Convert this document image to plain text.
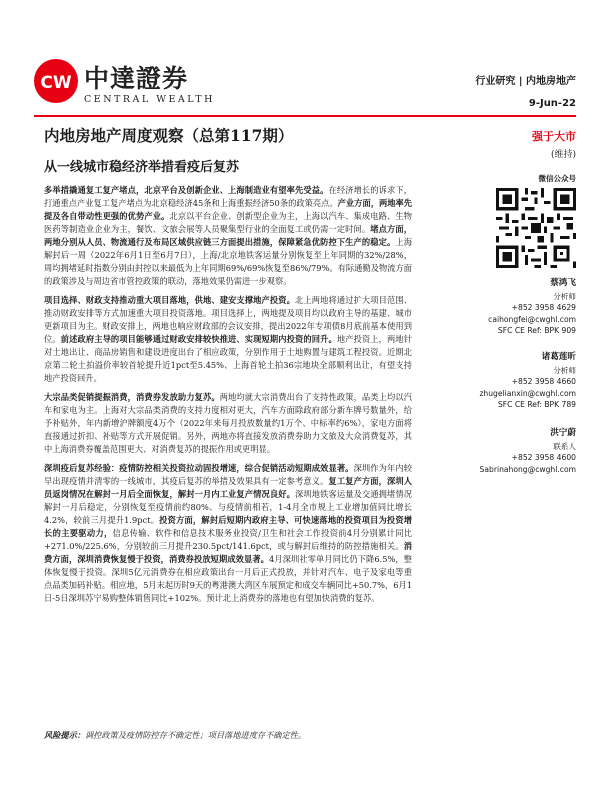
CW 中達證券
CENTRAL WEALTH
行业研究 | 内地房地产
9-Jun-22
内地房地产周度观察（总第117期）
从一线城市稳经济举措看疫后复苏
强于大市
(维持)
微信公众号
蔡鸿飞
分析师
+852 3958 4629
caihongfei@cwghl.com
SFC CE Ref: BPK 909
诸葛莲昕
分析师
+852 3958 4660
zhugelianxin@cwghl.com
SFC CE Ref: BPK 789
洪宁蔚
联系人
+852 3958 4600
Sabrinahong@cwghl.com

多举措撬通复工复产堵点，北京平台及创新企业、上海制造业有望率先受益。在经济增长的诉求下，打通重点产业复工复产堵点为北京稳经济45条和上海重振经济50条的政策亮点。产业方面，两地率先提及各自带动性更强的优势产业。北京以平台企业、创新型企业为主，上海以汽车、集成电路、生物医药等制造业企业为主，餐饮、文旅会展等人员聚集型行业的全面复工或仍需一定时间。堵点方面，两地分别从人员、物流通行及布局区域供应链三方面提出措施，保障紧急优防控下生产的稳定。上海解封后一周（2022年6月1日至6月7日），上海/北京地铁客运量分别恢复至上年同期的32%/28%，周均拥堵延时指数分别由封控以来最低为上年同期69%/69%恢复至86%/79%。有际通勤及物流方面的政策涉及与周边省市管控政策的联动，落地效果仍需进一步观察。

项目选择、财政支持推动重大项目落地，供地、建安支撑地产投资。北上两地将通过扩大项目范围、推动财政安排等方式加速重大项目投资落地。项目选择上，两地提及项目均以政府主导的基建、城市更新项目为主。财政安排上，两地也响应财政部的会议安排，提出2022年专项债8月底前基本使用到位。前述政府主导的项目能够通过财政安排较快推进、实现短期内投资的回升。地产投资上，两地针对土地出让、商品房销售和建设进度出台了相应政策，分别作用于土地购置与建筑工程投资。近期北京第二轮土拍溢价率较首轮提升近1pct至5.45%、上海首轮土拍36宗地块全部顺利出让，有望支持地产投资回升。

大宗品类促销提振消费，消费券发放助力复苏。两地均就大宗消费出台了支持性政策，品类上均以汽车和家电为主。上海对大宗品类消费的支持力度相对更大，汽车方面除政府部分新车牌号数量外，给予补贴外，年内新增沪牌额度4万个（2022年来每月投放数量约1万个、中标率约6%），家电方面将直接通过折扣、补贴等方式开展促销。另外，两地亦将直接发放消费券助力文旅及大众消费复苏，其中上海消费券覆盖范围更大、对消费复苏的提振作用或更明显。

深圳疫后复苏经验：疫情防控相关投资拉动固投增速，综合促销活动短期成效显著。深圳作为年内较早出现疫情并清零的一线城市，其疫后复苏的举措及效果具有一定参考意义。复工复产方面，深圳人员返岗情况在解封一月后全面恢复，解封一月内工业复产情况良好。深圳地铁客运量及交通拥堵情况解封一月后稳定，分别恢复至疫情前约80%、与疫情前相若，1-4月全市规上工业增加值同比增长4.2%，较前三月提升1.9pct。投资方面，解封后短期内政府主导、可快速落地的投资项目为投资增长的主要驱动力，信息传输、软件和信息技术服务业投资/卫生和社会工作投资前4月分别累计同比+271.0%/225.6%，分别较前三月提升230.5pct/141.6pct，或与解封后维持的防控措施相关。消费方面，深圳消费恢复慢于投资，消费券投放短期成效显著。4月深圳社零单月同比仍下降6.5%，整体恢复慢于投资。深圳5亿元消费券在相应政策出台一月后正式投放，并针对汽车、电子及家电等重点品类加码补贴。相应地，5月末起历时9天的粤港澳大湾区车展预定和成交车辆同比+50.7%，6月1日-5日深圳苏宁易购整体销售同比+102%。预计北上消费券的落地也有望加快消费的复苏。

风险提示：调控政策及疫情防控存不确定性；项目落地进度存不确定性。
